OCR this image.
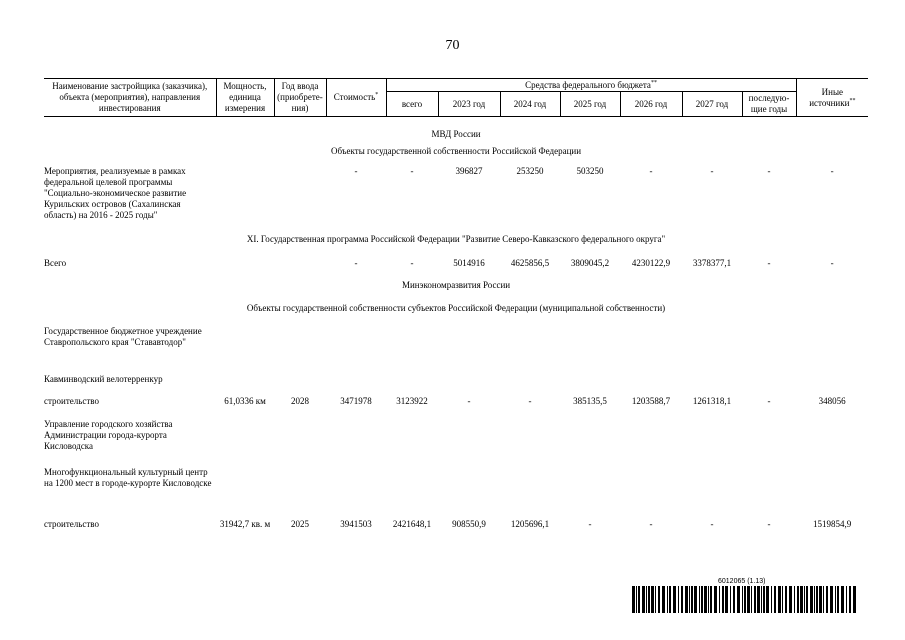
70
Наименование застройщика (заказчика), объекта (мероприятия), направления инвестирования	Мощность, единица измерения	Год ввода (приобрете-ния)	Стоимость*	Средства федерального бюджета**							Иные источники**
				всего	2023 год	2024 год	2025 год	2026 год	2027 год	последую-щие годы	

МВД России											
Объекты государственной собственности Российской Федерации											
Мероприятия, реализуемые в рамках федеральной целевой программы "Социально-экономическое развитие Курильских островов (Сахалинская область) на 2016 - 2025 годы"			-	-	396827	253250	503250	-	-	-	-
XI. Государственная программа Российской Федерации "Развитие Северо-Кавказского федерального округа"											
Всего			-	-	5014916	4625856,5	3809045,2	4230122,9	3378377,1	-	-
Минэкономразвития России											
Объекты государственной собственности субъектов Российской Федерации (муниципальной собственности)											
Государственное бюджетное учреждение Ставропольского края "Стававтодор"											
Кавминводский велотерренкур											
строительство	61,0336 км	2028	3471978	3123922	-	-	385135,5	1203588,7	1261318,1	-	348056
Управление городского хозяйства Администрации города-курорта Кисловодска											
Многофункциональный культурный центр на 1200 мест в городе-курорте Кисловодске											
строительство	31942,7 кв. м	2025	3941503	2421648,1	908550,9	1205696,1	-	-	-	-	1519854,9
6012065 (1.13)
